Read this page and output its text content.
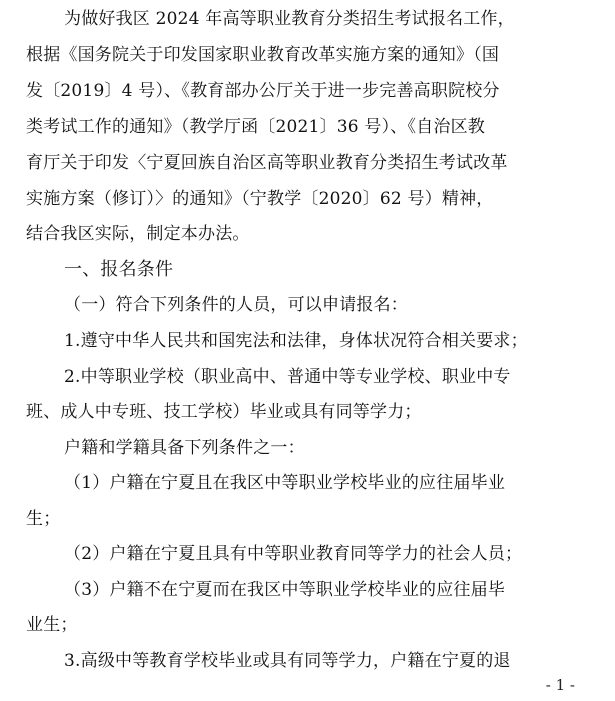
为做好我区 2024 年高等职业教育分类招生考试报名工作，
根据《国务院关于印发国家职业教育改革实施方案的通知》（国
发〔2019〕4 号）、《教育部办公厅关于进一步完善高职院校分
类考试工作的通知》（教学厅函〔2021〕36 号）、《自治区教
育厅关于印发〈宁夏回族自治区高等职业教育分类招生考试改革
实施方案（修订）〉的通知》（宁教学〔2020〕62 号）精神，
结合我区实际，制定本办法。
一、报名条件
（一）符合下列条件的人员，可以申请报名：
1.遵守中华人民共和国宪法和法律，身体状况符合相关要求；
2.中等职业学校（职业高中、普通中等专业学校、职业中专
班、成人中专班、技工学校）毕业或具有同等学力；
户籍和学籍具备下列条件之一：
（1）户籍在宁夏且在我区中等职业学校毕业的应往届毕业
生；
（2）户籍在宁夏且具有中等职业教育同等学力的社会人员；
（3）户籍不在宁夏而在我区中等职业学校毕业的应往届毕
业生；
3.高级中等教育学校毕业或具有同等学力，户籍在宁夏的退
- 1 -
